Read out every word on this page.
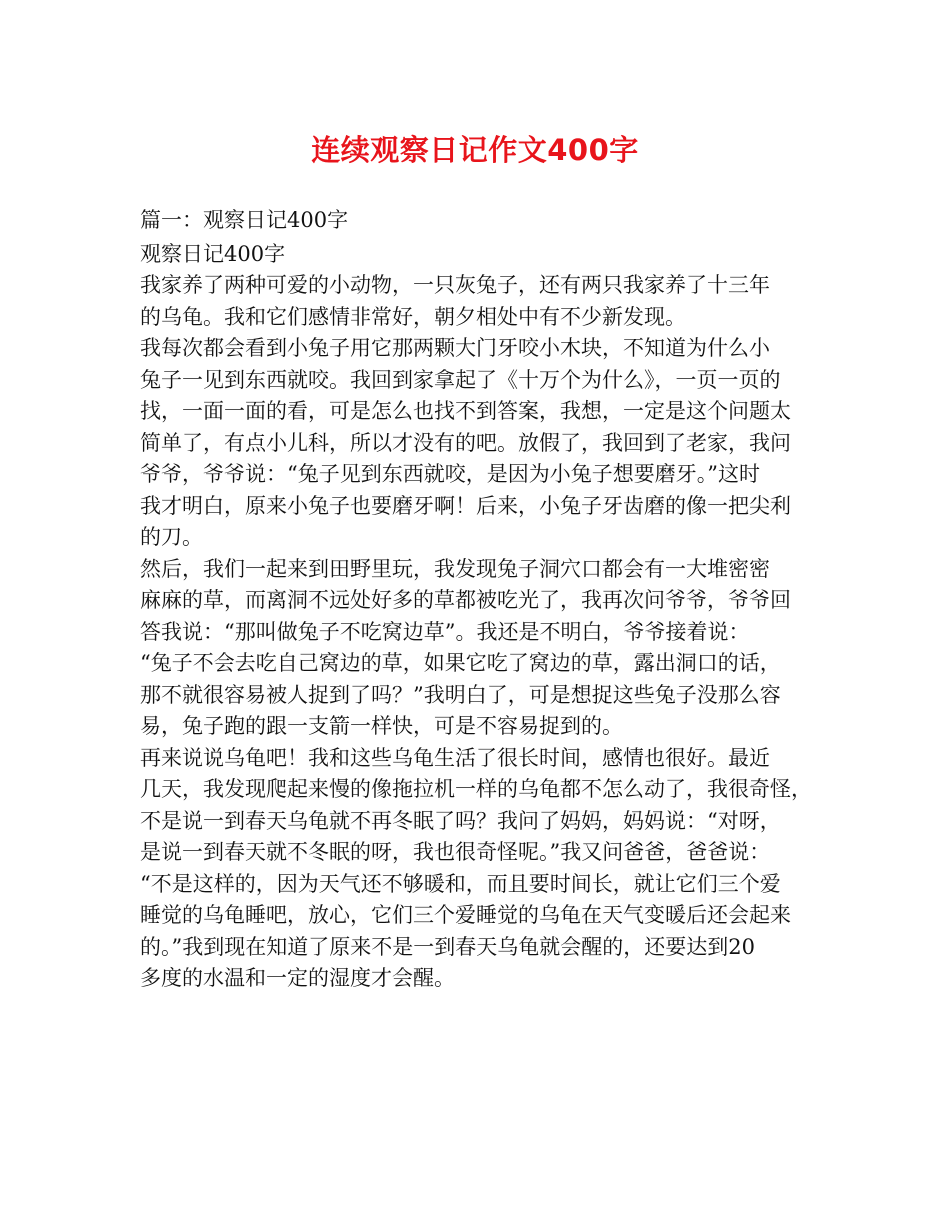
连续观察日记作文400字
篇一：观察日记400字
观察日记400字
我家养了两种可爱的小动物，一只灰兔子，还有两只我家养了十三年
的乌龟。我和它们感情非常好，朝夕相处中有不少新发现。
我每次都会看到小兔子用它那两颗大门牙咬小木块，不知道为什么小
兔子一见到东西就咬。我回到家拿起了《十万个为什么》，一页一页的
找，一面一面的看，可是怎么也找不到答案，我想，一定是这个问题太
简单了，有点小儿科，所以才没有的吧。放假了，我回到了老家，我问
爷爷，爷爷说：“兔子见到东西就咬，是因为小兔子想要磨牙。”这时
我才明白，原来小兔子也要磨牙啊！后来，小兔子牙齿磨的像一把尖利
的刀。
然后，我们一起来到田野里玩，我发现兔子洞穴口都会有一大堆密密
麻麻的草，而离洞不远处好多的草都被吃光了，我再次问爷爷，爷爷回
答我说：“那叫做兔子不吃窝边草”。我还是不明白，爷爷接着说：
“兔子不会去吃自己窝边的草，如果它吃了窝边的草，露出洞口的话，
那不就很容易被人捉到了吗？”我明白了，可是想捉这些兔子没那么容
易，兔子跑的跟一支箭一样快，可是不容易捉到的。
再来说说乌龟吧！我和这些乌龟生活了很长时间，感情也很好。最近
几天，我发现爬起来慢的像拖拉机一样的乌龟都不怎么动了，我很奇怪，
不是说一到春天乌龟就不再冬眠了吗？我问了妈妈，妈妈说：“对呀，
是说一到春天就不冬眠的呀，我也很奇怪呢。”我又问爸爸，爸爸说：
“不是这样的，因为天气还不够暖和，而且要时间长，就让它们三个爱
睡觉的乌龟睡吧，放心，它们三个爱睡觉的乌龟在天气变暖后还会起来
的。”我到现在知道了原来不是一到春天乌龟就会醒的，还要达到20
多度的水温和一定的湿度才会醒。
